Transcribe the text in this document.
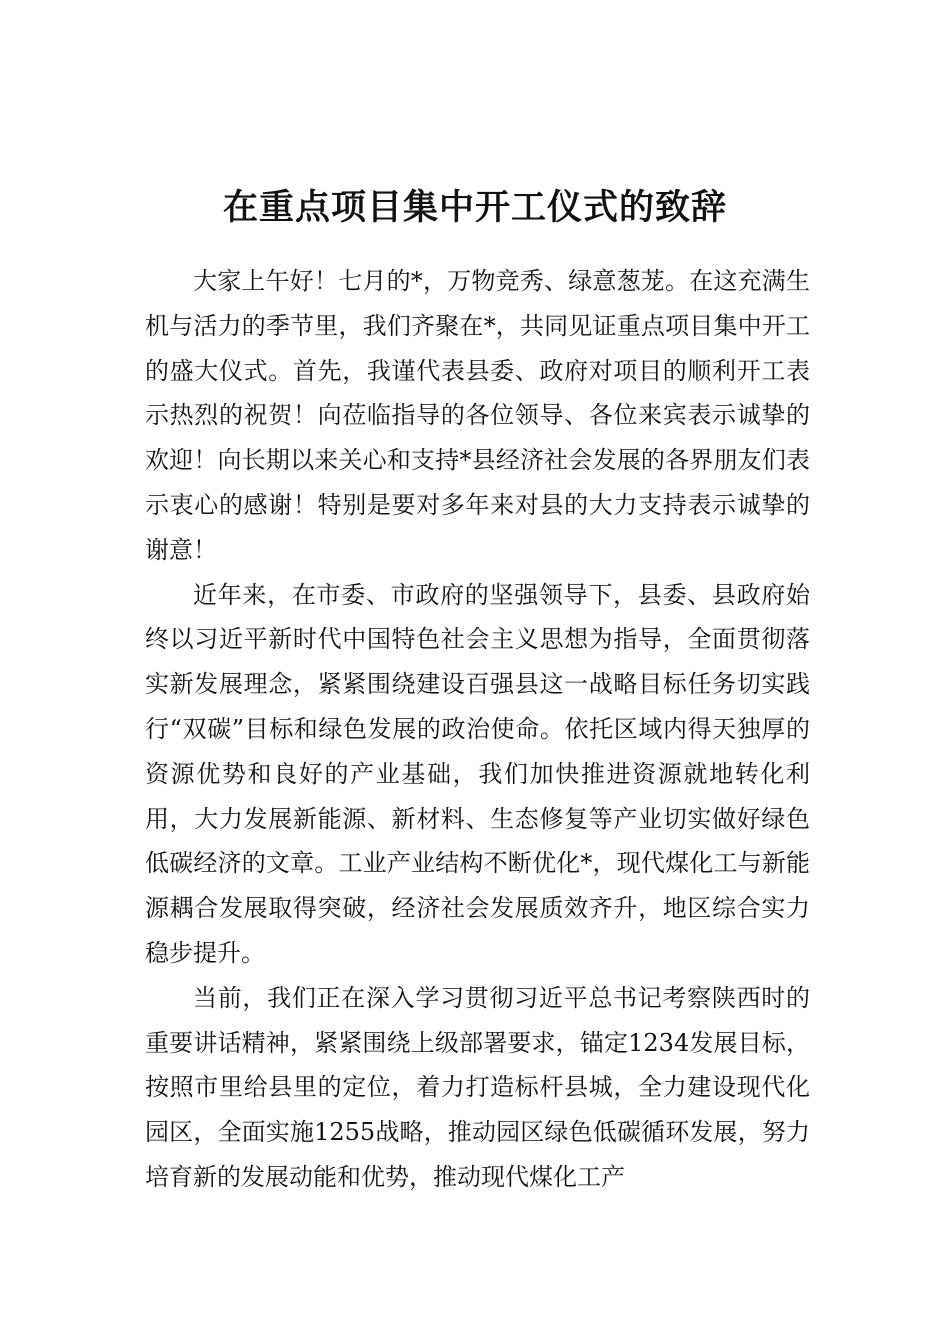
在重点项目集中开工仪式的致辞

大家上午好！七月的*，万物竞秀、绿意葱茏。在这充满生机与活力的季节里，我们齐聚在*，共同见证重点项目集中开工的盛大仪式。首先，我谨代表县委、政府对项目的顺利开工表示热烈的祝贺！向莅临指导的各位领导、各位来宾表示诚挚的欢迎！向长期以来关心和支持*县经济社会发展的各界朋友们表示衷心的感谢！特别是要对多年来对县的大力支持表示诚挚的谢意！

近年来，在市委、市政府的坚强领导下，县委、县政府始终以习近平新时代中国特色社会主义思想为指导，全面贯彻落实新发展理念，紧紧围绕建设百强县这一战略目标任务切实践行“双碳”目标和绿色发展的政治使命。依托区域内得天独厚的资源优势和良好的产业基础，我们加快推进资源就地转化利用，大力发展新能源、新材料、生态修复等产业切实做好绿色低碳经济的文章。工业产业结构不断优化*，现代煤化工与新能源耦合发展取得突破，经济社会发展质效齐升，地区综合实力稳步提升。

当前，我们正在深入学习贯彻习近平总书记考察陕西时的重要讲话精神，紧紧围绕上级部署要求，锚定1234发展目标，按照市里给县里的定位，着力打造标杆县城，全力建设现代化园区，全面实施1255战略，推动园区绿色低碳循环发展，努力培育新的发展动能和优势，推动现代煤化工产
